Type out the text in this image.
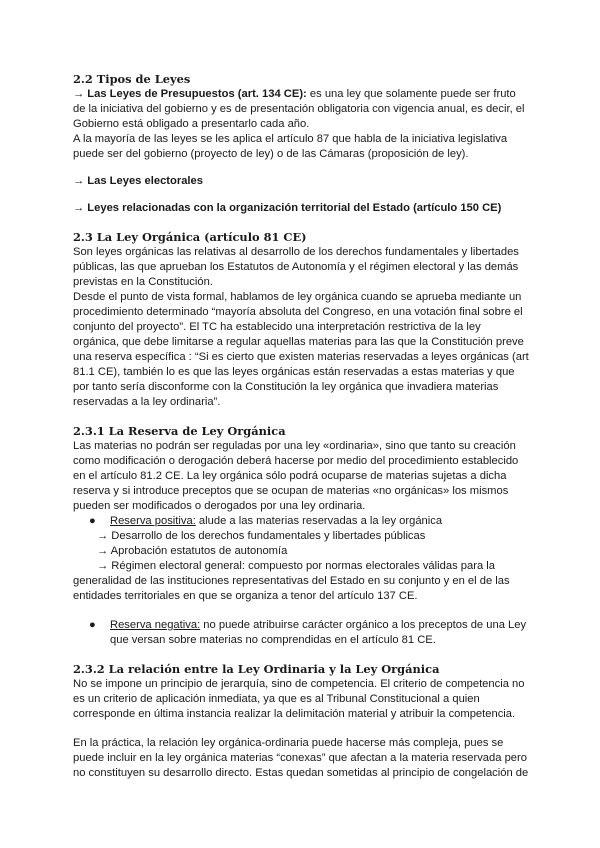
2.2 Tipos de Leyes

→ Las Leyes de Presupuestos (art. 134 CE): es una ley que solamente puede ser fruto de la iniciativa del gobierno y es de presentación obligatoria con vigencia anual, es decir, el Gobierno está obligado a presentarlo cada año.

A la mayoría de las leyes se les aplica el artículo 87 que habla de la iniciativa legislativa puede ser del gobierno (proyecto de ley) o de las Cámaras (proposición de ley).

→ Las Leyes electorales

→ Leyes relacionadas con la organización territorial del Estado (artículo 150 CE)

2.3 La Ley Orgánica (artículo 81 CE)

Son leyes orgánicas las relativas al desarrollo de los derechos fundamentales y libertades públicas, las que aprueban los Estatutos de Autonomía y el régimen electoral y las demás previstas en la Constitución.

Desde el punto de vista formal, hablamos de ley orgánica cuando se aprueba mediante un procedimiento determinado “mayoría absoluta del Congreso, en una votación final sobre el conjunto del proyecto”. El TC ha establecido una interpretación restrictiva de la ley orgánica, que debe limitarse a regular aquellas materias para las que la Constitución preve una reserva específica : “Si es cierto que existen materias reservadas a leyes orgánicas (art 81.1 CE), también lo es que las leyes orgánicas están reservadas a estas materias y que por tanto sería disconforme con la Constitución la ley orgánica que invadiera materias reservadas a la ley ordinaria”.

2.3.1 La Reserva de Ley Orgánica

Las materias no podrán ser reguladas por una ley «ordinaria», sino que tanto su creación como modificación o derogación deberá hacerse por medio del procedimiento establecido en el artículo 81.2 CE. La ley orgánica sólo podrá ocuparse de materias sujetas a dicha reserva y si introduce preceptos que se ocupan de materias «no orgánicas» los mismos pueden ser modificados o derogados por una ley ordinaria.

● Reserva positiva: alude a las materias reservadas a la ley orgánica

→ Desarrollo de los derechos fundamentales y libertades públicas

→ Aprobación estatutos de autonomía

→ Régimen electoral general: compuesto por normas electorales válidas para la generalidad de las instituciones representativas del Estado en su conjunto y en el de las entidades territoriales en que se organiza a tenor del artículo 137 CE.

● Reserva negativa: no puede atribuirse carácter orgánico a los preceptos de una Ley que versan sobre materias no comprendidas en el artículo 81 CE.

2.3.2 La relación entre la Ley Ordinaria y la Ley Orgánica

No se impone un principio de jerarquía, sino de competencia. El criterio de competencia no es un criterio de aplicación inmediata, ya que es al Tribunal Constitucional a quien corresponde en última instancia realizar la delimitación material y atribuir la competencia.

En la práctica, la relación ley orgánica-ordinaria puede hacerse más compleja, pues se puede incluir en la ley orgánica materias “conexas” que afectan a la materia reservada pero no constituyen su desarrollo directo. Estas quedan sometidas al principio de congelación de
